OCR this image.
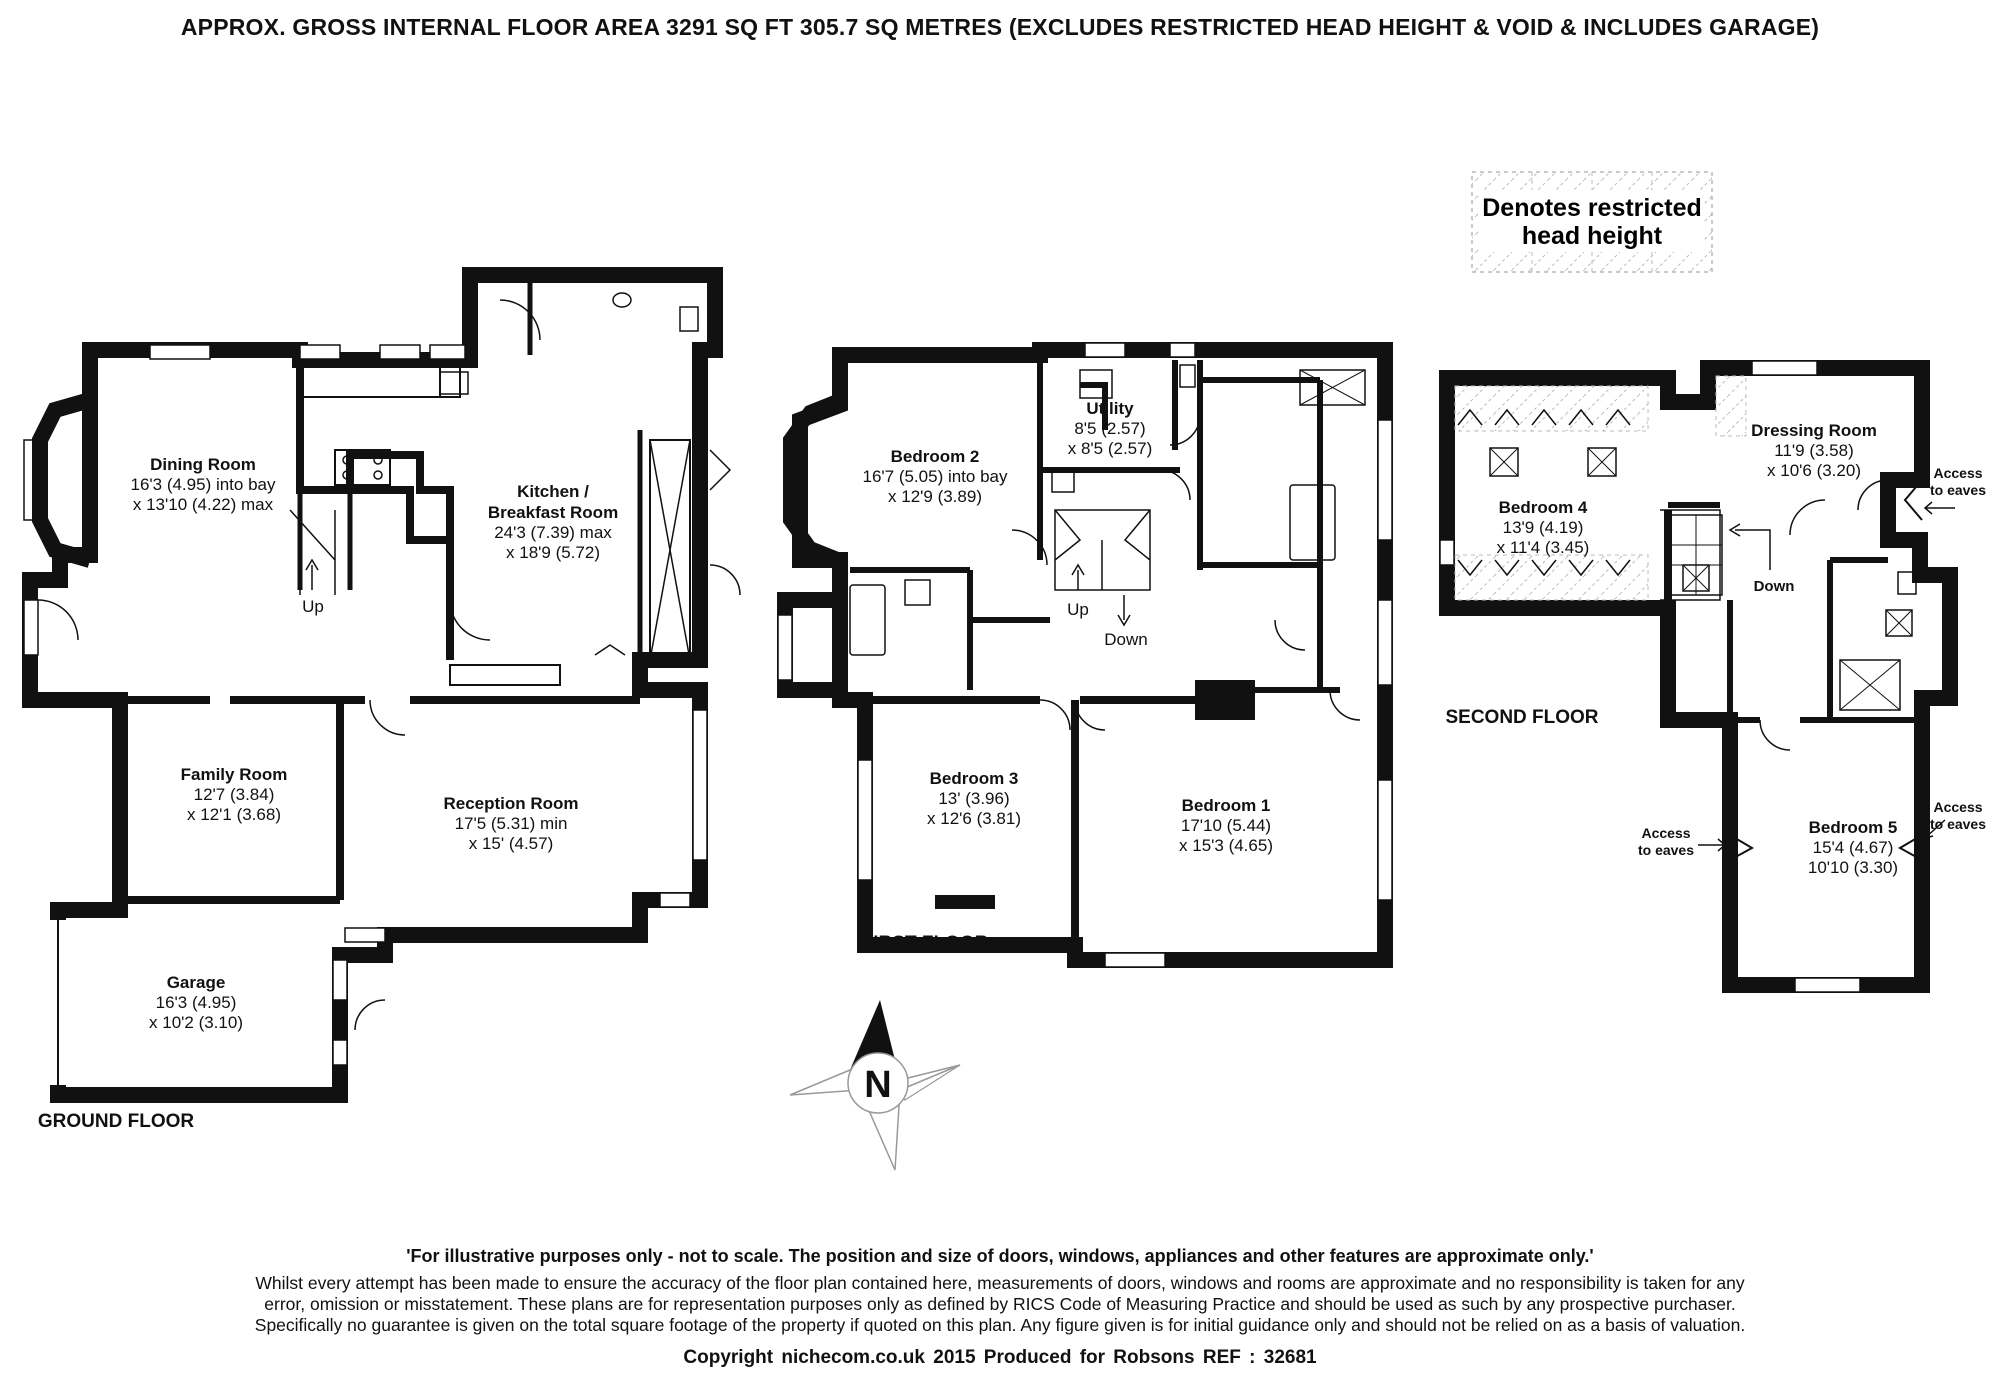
APPROX. GROSS INTERNAL FLOOR AREA 3291 SQ FT 305.7 SQ METRES (EXCLUDES RESTRICTED HEAD HEIGHT & VOID & INCLUDES GARAGE)
Denotes restricted
head height
Dining Room
16'3 (4.95) into bay
x 13'10 (4.22) max
Kitchen /
Breakfast Room
24'3 (7.39) max
x 18'9 (5.72)
Up
Family Room
12'7 (3.84)
x 12'1 (3.68)
Reception Room
17'5 (5.31) min
x 15' (4.57)
Garage
16'3 (4.95)
x 10'2 (3.10)
GROUND FLOOR
Bedroom 2
16'7 (5.05) into bay
x 12'9 (3.89)
Utility
8'5 (2.57)
x 8'5 (2.57)
Up
Down
Bedroom 3
13' (3.96)
x 12'6 (3.81)
Bedroom 1
17'10 (5.44)
x 15'3 (4.65)
FIRST FLOOR
Bedroom 4
13'9 (4.19)
x 11'4 (3.45)
Dressing Room
11'9 (3.58)
x 10'6 (3.20)
Down
Bedroom 5
15'4 (4.67)
10'10 (3.30)
Access
to eaves
Access
to eaves
Access
to eaves
SECOND FLOOR
N
'For illustrative purposes only - not to scale. The position and size of doors, windows, appliances and other features are approximate only.'
Whilst every attempt has been made to ensure the accuracy of the floor plan contained here, measurements of doors, windows and rooms are approximate and no responsibility is taken for any
error, omission or misstatement. These plans are for representation purposes only as defined by RICS Code of Measuring Practice and should be used as such by any prospective purchaser.
Specifically no guarantee is given on the total square footage of the property if quoted on this plan. Any figure given is for initial guidance only and should not be relied on as a basis of valuation.
Copyright nichecom.co.uk 2015 Produced for Robsons REF : 32681
